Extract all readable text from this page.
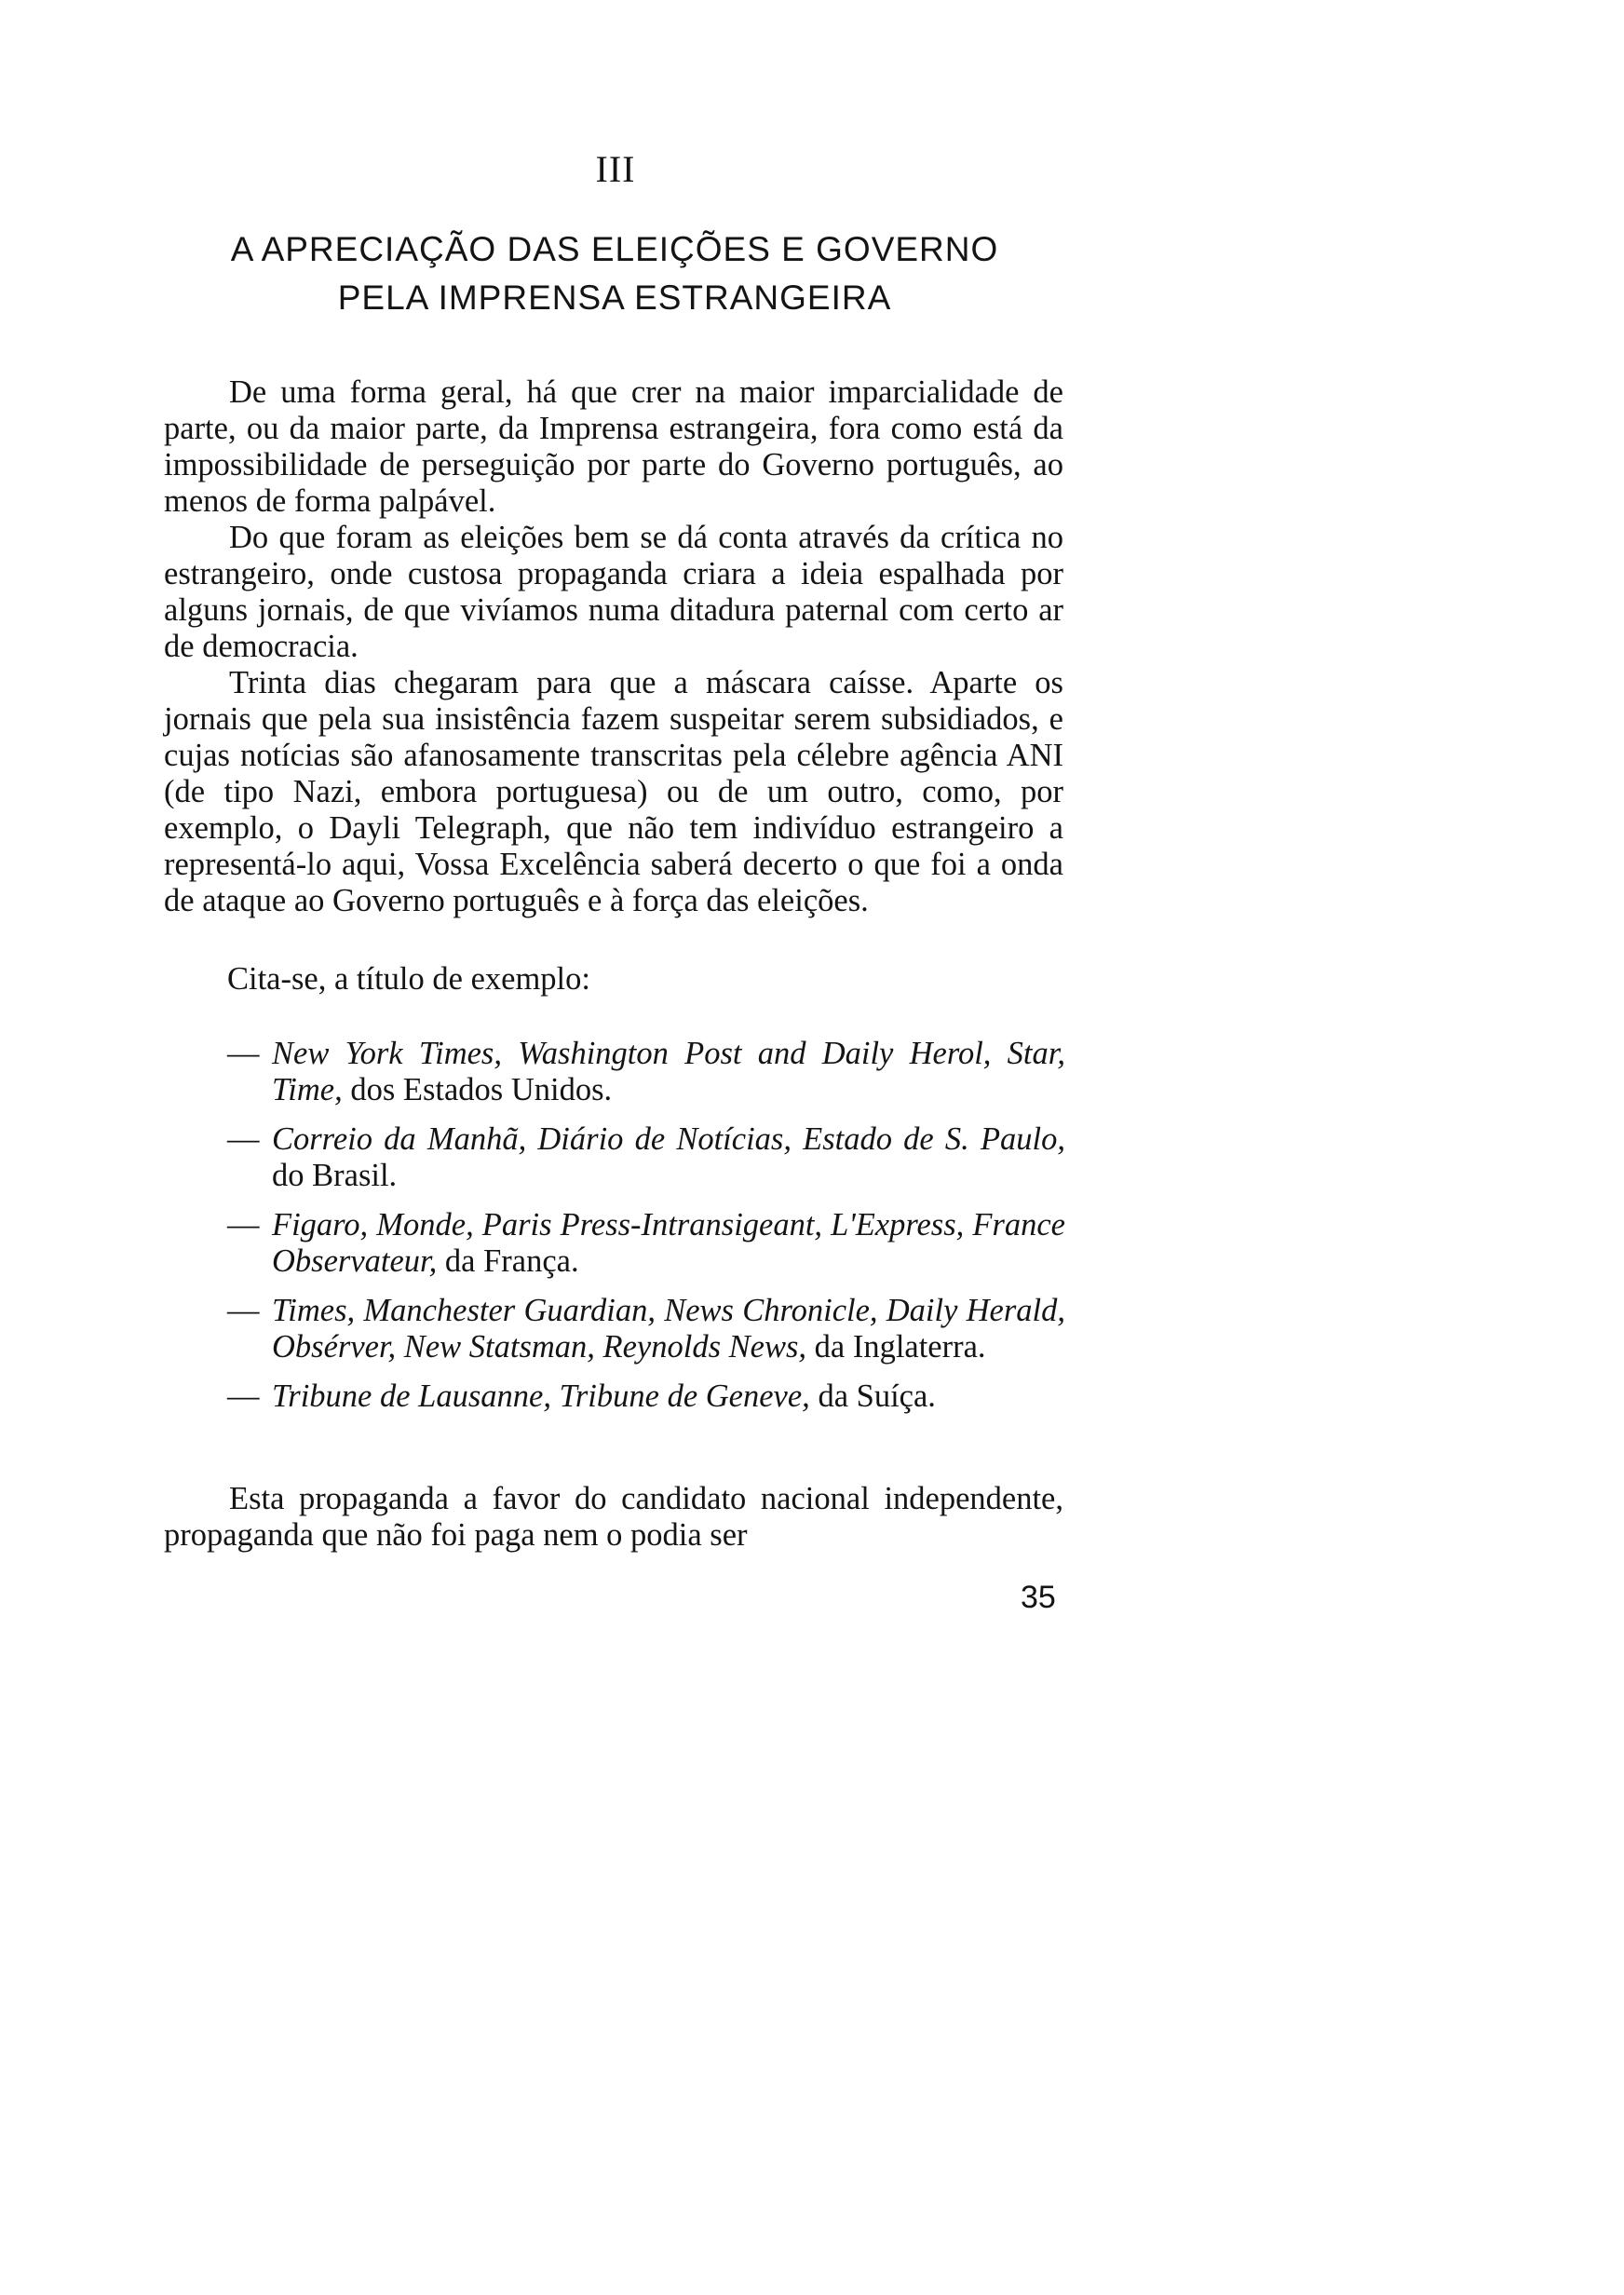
III
A APRECIAÇÃO DAS ELEIÇÕES E GOVERNO
PELA IMPRENSA ESTRANGEIRA

De uma forma geral, há que crer na maior imparcialidade de parte, ou da maior parte, da Imprensa estrangeira, fora como está da impossibilidade de perseguição por parte do Governo português, ao menos de forma palpável.

Do que foram as eleições bem se dá conta através da crítica no estrangeiro, onde custosa propaganda criara a ideia espalhada por alguns jornais, de que vivíamos numa ditadura paternal com certo ar de democracia.

Trinta dias chegaram para que a máscara caísse. Aparte os jornais que pela sua insistência fazem suspeitar serem subsidiados, e cujas notícias são afanosamente transcritas pela célebre agência ANI (de tipo Nazi, embora portuguesa) ou de um outro, como, por exemplo, o Dayli Telegraph, que não tem indivíduo estrangeiro a representá-lo aqui, Vossa Excelência saberá decerto o que foi a onda de ataque ao Governo português e à força das eleições.

Cita-se, a título de exemplo:
— New York Times, Washington Post and Daily Herol, Star, Time, dos Estados Unidos.
— Correio da Manhã, Diário de Notícias, Estado de S. Paulo, do Brasil.
— Figaro, Monde, Paris Press-Intransigeant, L'Express, France Observateur, da França.
— Times, Manchester Guardian, News Chronicle, Daily Herald, Obsérver, New Statsman, Reynolds News, da Inglaterra.
— Tribune de Lausanne, Tribune de Geneve, da Suíça.

Esta propaganda a favor do candidato nacional independente, propaganda que não foi paga nem o podia ser

35
